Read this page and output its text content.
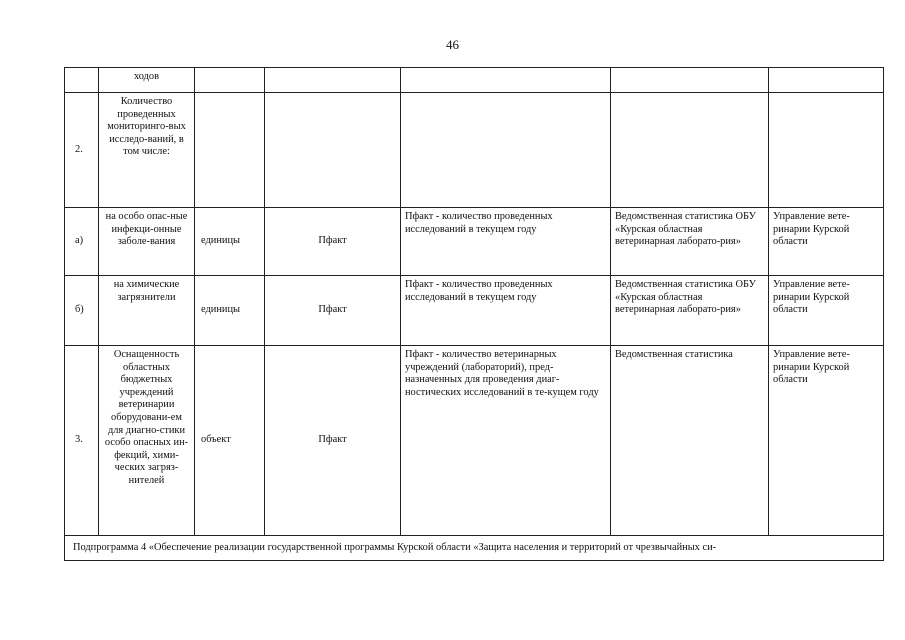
46
	ходов					
2.	Количество проведенных мониторинго-вых исследо-ваний, в том числе:					
а)	на особо опас-ные инфекци-онные заболе-вания	единицы	Пфакт	Пфакт - количество проведенных исследований в текущем году	Ведомственная статистика ОБУ «Курская областная ветеринарная лаборато-рия»	Управление вете-ринарии Курской области
б)	на химические загрязнители	единицы	Пфакт	Пфакт - количество проведенных исследований в текущем году	Ведомственная статистика ОБУ «Курская областная ветеринарная лаборато-рия»	Управление вете-ринарии Курской области
3.	Оснащенность областных бюджетных учреждений ветеринарии оборудовани-ем для диагно-стики особо опасных ин-фекций, хими-ческих загряз-нителей	объект	Пфакт	Пфакт - количество ветеринарных учреждений (лабораторий), пред-назначенных для проведения диаг-ностических исследований в те-кущем году	Ведомственная статистика	Управление вете-ринарии Курской области
Подпрограмма 4 «Обеспечение реализации государственной программы Курской области «Защита населения и территорий от чрезвычайных си-						
